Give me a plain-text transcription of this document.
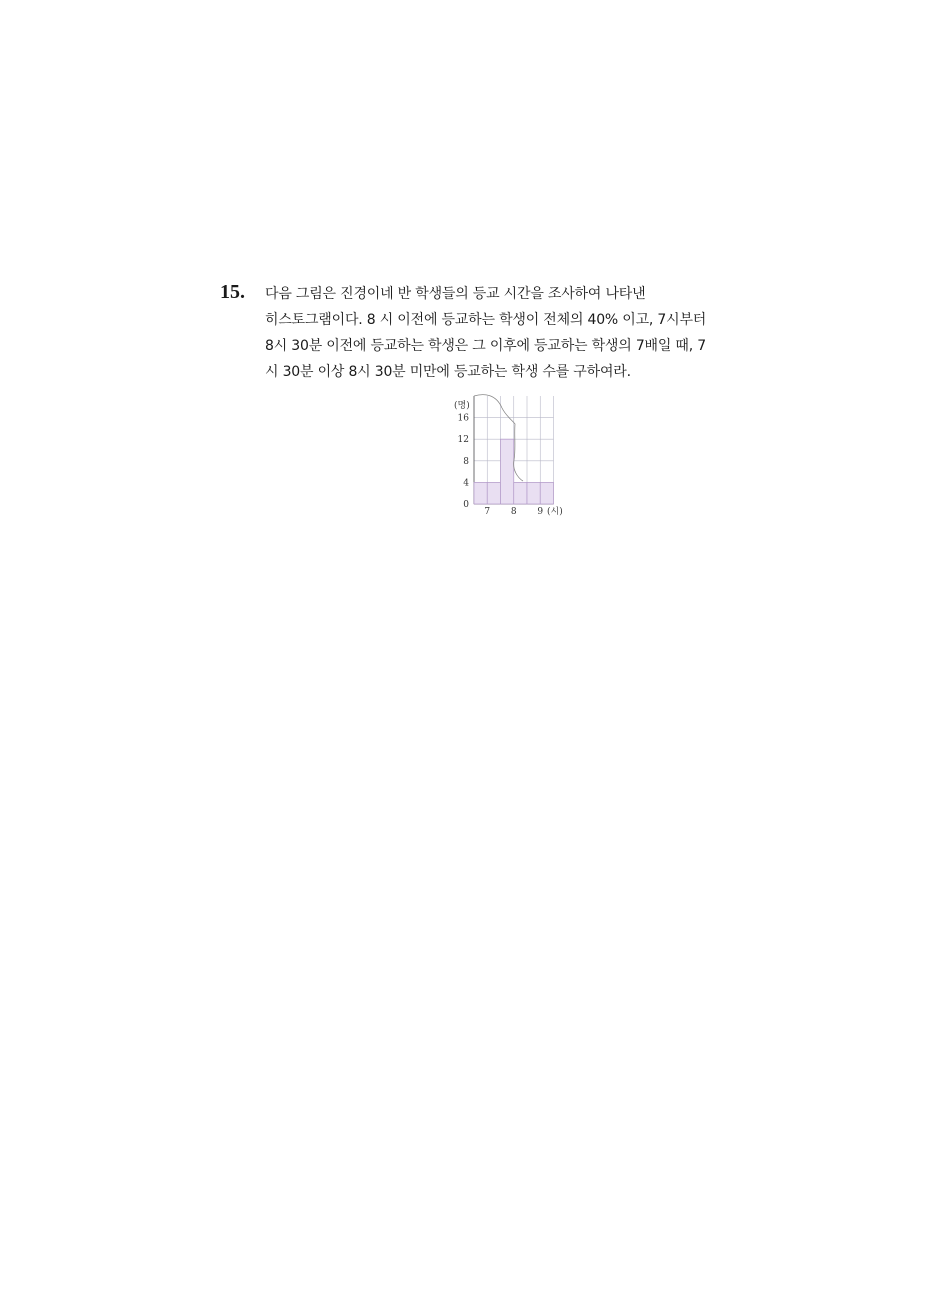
15. 다음 그림은 진경이네 반 학생들의 등교 시간을 조사하여 나타낸
히스토그램이다. 8 시 이전에 등교하는 학생이 전체의 40% 이고, 7시부터
8시 30분 이전에 등교하는 학생은 그 이후에 등교하는 학생의 7배일 때, 7
시 30분 이상 8시 30분 미만에 등교하는 학생 수를 구하여라.
0
4
8
12
16
7 8 9
(명)
(시)
